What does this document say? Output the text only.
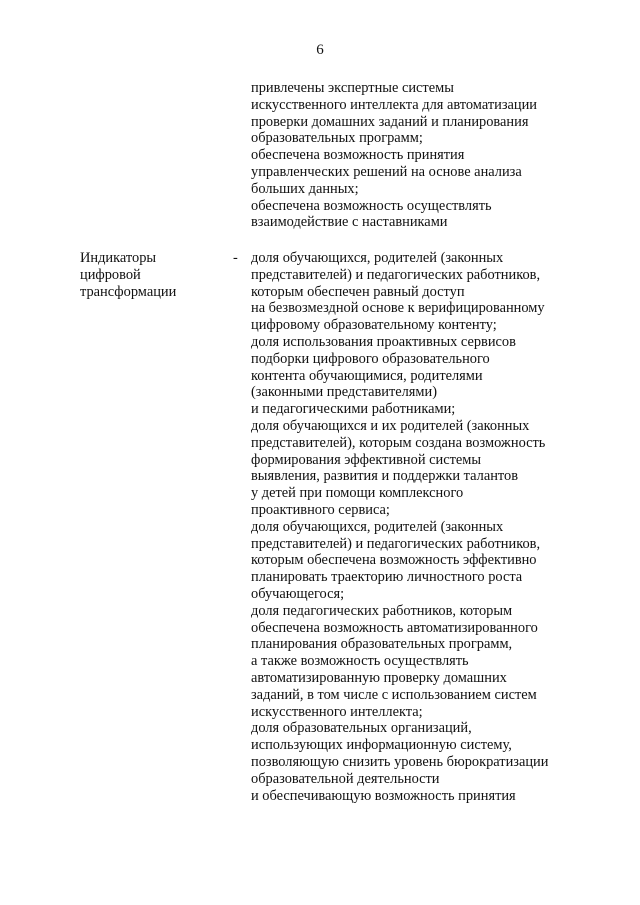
6
привлечены экспертные системы
искусственного интеллекта для автоматизации
проверки домашних заданий и планирования
образовательных программ;
обеспечена возможность принятия
управленческих решений на основе анализа
больших данных;
обеспечена возможность осуществлять
взаимодействие с наставниками
Индикаторы
цифровой
трансформации
- доля обучающихся, родителей (законных
представителей) и педагогических работников,
которым обеспечен равный доступ
на безвозмездной основе к верифицированному
цифровому образовательному контенту;
доля использования проактивных сервисов
подборки цифрового образовательного
контента обучающимися, родителями
(законными представителями)
и педагогическими работниками;
доля обучающихся и их родителей (законных
представителей), которым создана возможность
формирования эффективной системы
выявления, развития и поддержки талантов
у детей при помощи комплексного
проактивного сервиса;
доля обучающихся, родителей (законных
представителей) и педагогических работников,
которым обеспечена возможность эффективно
планировать траекторию личностного роста
обучающегося;
доля педагогических работников, которым
обеспечена возможность автоматизированного
планирования образовательных программ,
а также возможность осуществлять
автоматизированную проверку домашних
заданий, в том числе с использованием систем
искусственного интеллекта;
доля образовательных организаций,
использующих информационную систему,
позволяющую снизить уровень бюрократизации
образовательной деятельности
и обеспечивающую возможность принятия
